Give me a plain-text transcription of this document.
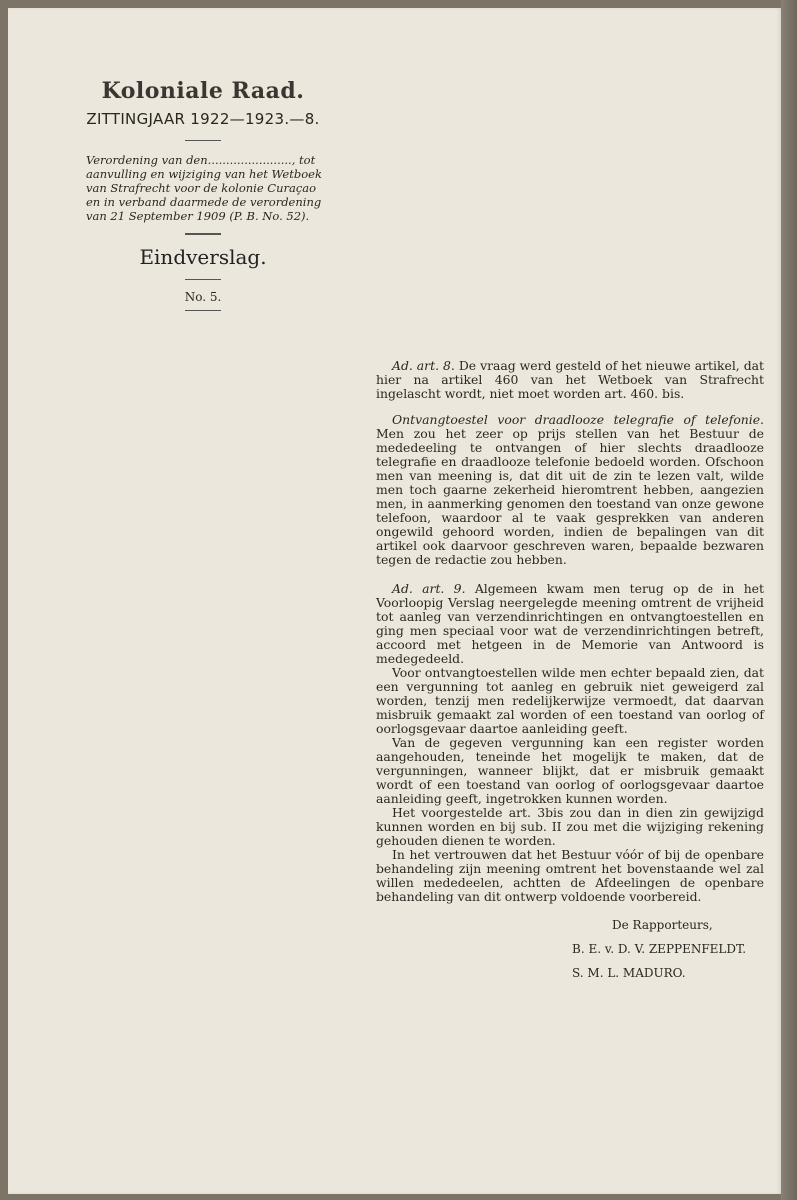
Koloniale Raad.
ZITTINGJAAR 1922—1923.—8.
Verordening van den......................., tot aanvulling en wijziging van het Wetboek van Strafrecht voor de kolonie Curaçao en in verband daarmede de verordening van 21 September 1909 (P. B. No. 52).
Eindverslag.
No. 5.

Ad. art. 8. De vraag werd gesteld of het nieuwe artikel, dat hier na artikel 460 van het Wetboek van Strafrecht ingelascht wordt, niet moet worden art. 460. bis.

Ontvangtoestel voor draadlooze telegrafie of telefonie. Men zou het zeer op prijs stellen van het Bestuur de mededeeling te ontvangen of hier slechts draadlooze telegrafie en draadlooze telefonie bedoeld worden. Ofschoon men van meening is, dat dit uit de zin te lezen valt, wilde men toch gaarne zekerheid hieromtrent hebben, aangezien men, in aanmerking genomen den toestand van onze gewone telefoon, waardoor al te vaak gesprekken van anderen ongewild gehoord worden, indien de bepalingen van dit artikel ook daarvoor geschreven waren, bepaalde bezwaren tegen de redactie zou hebben.

Ad. art. 9. Algemeen kwam men terug op de in het Voorloopig Verslag neergelegde meening omtrent de vrijheid tot aanleg van verzendinrichtingen en ontvangtoestellen en ging men speciaal voor wat de verzendinrichtingen betreft, accoord met hetgeen in de Memorie van Antwoord is medegedeeld.

Voor ontvangtoestellen wilde men echter bepaald zien, dat een vergunning tot aanleg en gebruik niet geweigerd zal worden, tenzij men redelijkerwijze vermoedt, dat daarvan misbruik gemaakt zal worden of een toestand van oorlog of oorlogsgevaar daartoe aanleiding geeft.

Van de gegeven vergunning kan een register worden aangehouden, teneinde het mogelijk te maken, dat de vergunningen, wanneer blijkt, dat er misbruik gemaakt wordt of een toestand van oorlog of oorlogsgevaar daartoe aanleiding geeft, ingetrokken kunnen worden.

Het voorgestelde art. 3bis zou dan in dien zin gewijzigd kunnen worden en bij sub. II zou met die wijziging rekening gehouden dienen te worden.

In het vertrouwen dat het Bestuur vóór of bij de openbare behandeling zijn meening omtrent het bovenstaande wel zal willen mededeelen, achtten de Afdeelingen de openbare behandeling van dit ontwerp voldoende voorbereid.

De Rapporteurs,
B. E. v. D. V. ZEPPENFELDT.
S. M. L. MADURO.
